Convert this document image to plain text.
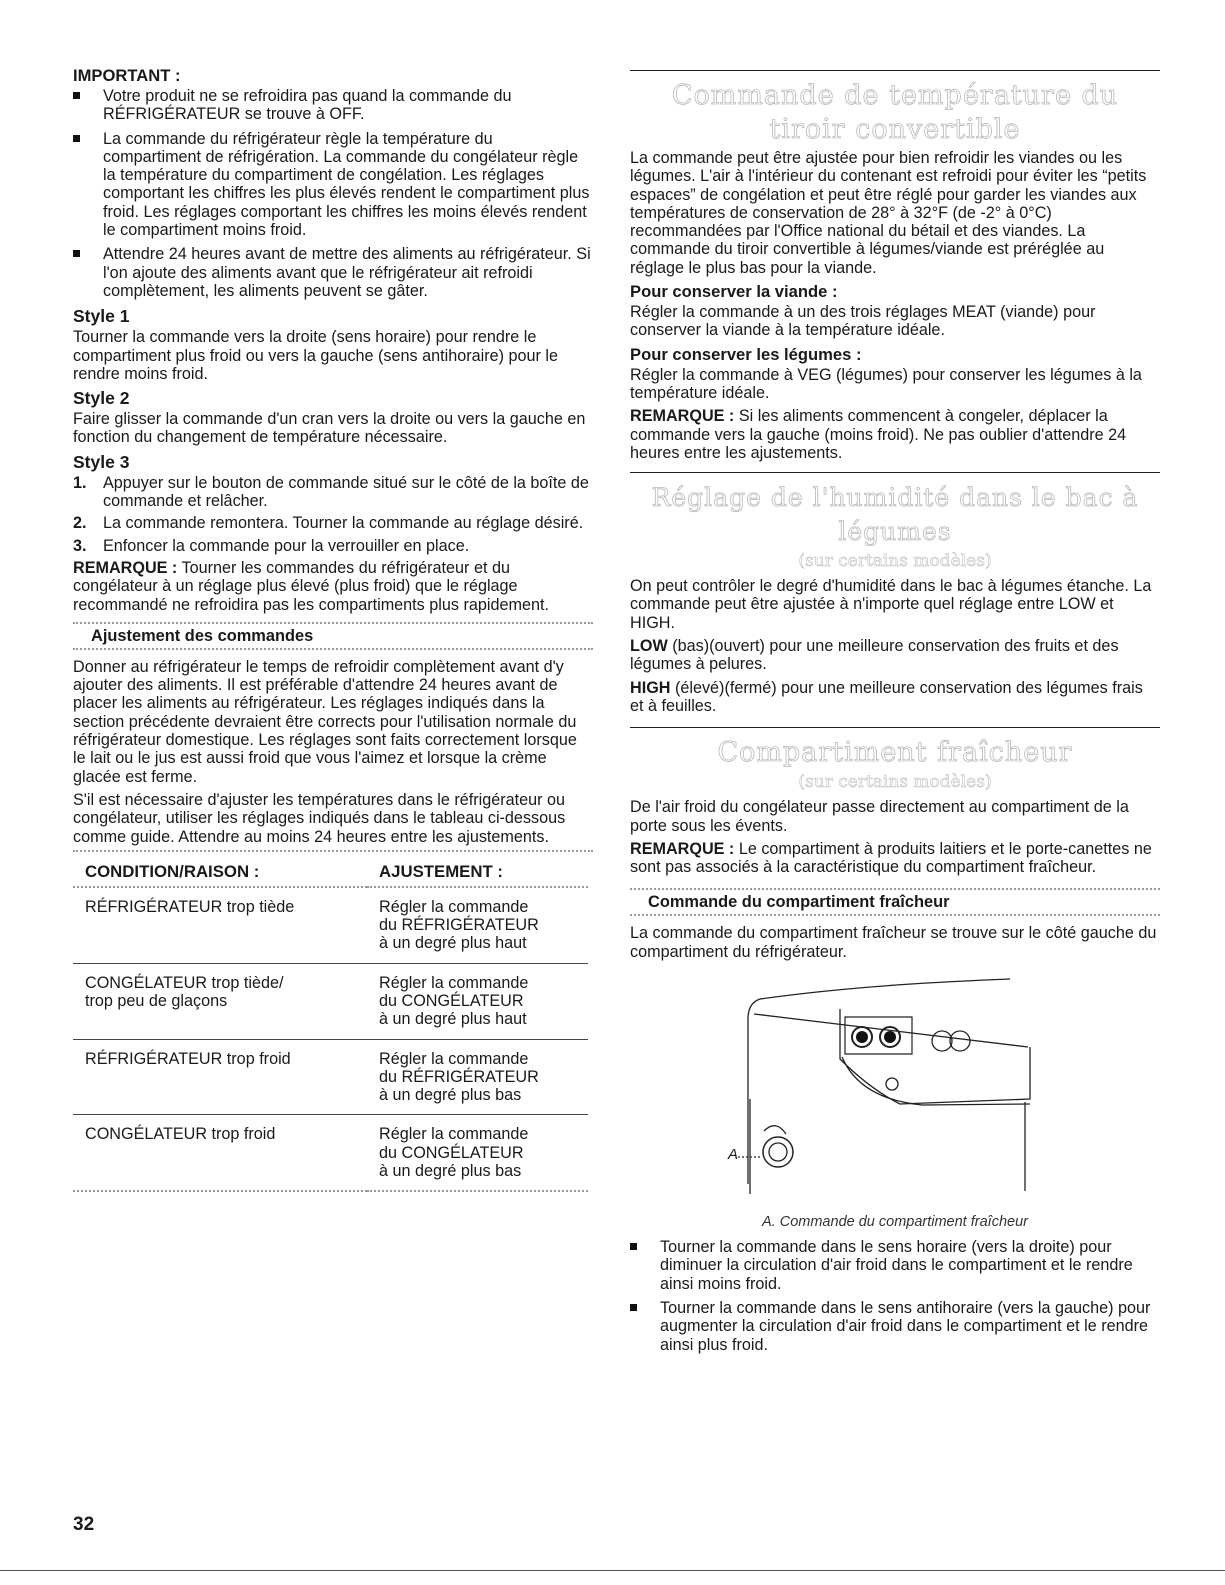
IMPORTANT :
Votre produit ne se refroidira pas quand la commande du RÉFRIGÉRATEUR se trouve à OFF.
La commande du réfrigérateur règle la température du compartiment de réfrigération. La commande du congélateur règle la température du compartiment de congélation. Les réglages comportant les chiffres les plus élevés rendent le compartiment plus froid. Les réglages comportant les chiffres les moins élevés rendent le compartiment moins froid.
Attendre 24 heures avant de mettre des aliments au réfrigérateur. Si l'on ajoute des aliments avant que le réfrigérateur ait refroidi complètement, les aliments peuvent se gâter.
Style 1

Tourner la commande vers la droite (sens horaire) pour rendre le compartiment plus froid ou vers la gauche (sens antihoraire) pour le rendre moins froid.

Style 2

Faire glisser la commande d'un cran vers la droite ou vers la gauche en fonction du changement de température nécessaire.

Style 3
1. Appuyer sur le bouton de commande situé sur le côté de la boîte de commande et relâcher.
2. La commande remontera. Tourner la commande au réglage désiré.
3. Enfoncer la commande pour la verrouiller en place.

REMARQUE : Tourner les commandes du réfrigérateur et du congélateur à un réglage plus élevé (plus froid) que le réglage recommandé ne refroidira pas les compartiments plus rapidement.

Ajustement des commandes

Donner au réfrigérateur le temps de refroidir complètement avant d'y ajouter des aliments. Il est préférable d'attendre 24 heures avant de placer les aliments au réfrigérateur. Les réglages indiqués dans la section précédente devraient être corrects pour l'utilisation normale du réfrigérateur domestique. Les réglages sont faits correctement lorsque le lait ou le jus est aussi froid que vous l'aimez et lorsque la crème glacée est ferme.

S'il est nécessaire d'ajuster les températures dans le réfrigérateur ou congélateur, utiliser les réglages indiqués dans le tableau ci-dessous comme guide. Attendre au moins 24 heures entre les ajustements.

CONDITION/RAISON :	AJUSTEMENT :
RÉFRIGÉRATEUR trop tiède	Régler la commande
du RÉFRIGÉRATEUR
à un degré plus haut
CONGÉLATEUR trop tiède/
trop peu de glaçons	Régler la commande
du CONGÉLATEUR
à un degré plus haut
RÉFRIGÉRATEUR trop froid	Régler la commande
du RÉFRIGÉRATEUR
à un degré plus bas
CONGÉLATEUR trop froid	Régler la commande
du CONGÉLATEUR
à un degré plus bas
Commande de température du tiroir convertible

La commande peut être ajustée pour bien refroidir les viandes ou les légumes. L'air à l'intérieur du contenant est refroidi pour éviter les “petits espaces” de congélation et peut être réglé pour garder les viandes aux températures de conservation de 28° à 32°F (de -2° à 0°C) recommandées par l'Office national du bétail et des viandes. La commande du tiroir convertible à légumes/viande est préréglée au réglage le plus bas pour la viande.

Pour conserver la viande :

Régler la commande à un des trois réglages MEAT (viande) pour conserver la viande à la température idéale.

Pour conserver les légumes :

Régler la commande à VEG (légumes) pour conserver les légumes à la température idéale.

REMARQUE : Si les aliments commencent à congeler, déplacer la commande vers la gauche (moins froid). Ne pas oublier d'attendre 24 heures entre les ajustements.

Réglage de l'humidité dans le bac à légumes
(sur certains modèles)

On peut contrôler le degré d'humidité dans le bac à légumes étanche. La commande peut être ajustée à n'importe quel réglage entre LOW et HIGH.

LOW (bas)(ouvert) pour une meilleure conservation des fruits et des légumes à pelures.

HIGH (élevé)(fermé) pour une meilleure conservation des légumes frais et à feuilles.

Compartiment fraîcheur
(sur certains modèles)

De l'air froid du congélateur passe directement au compartiment de la porte sous les évents.

REMARQUE : Le compartiment à produits laitiers et le porte-canettes ne sont pas associés à la caractéristique du compartiment fraîcheur.

Commande du compartiment fraîcheur

La commande du compartiment fraîcheur se trouve sur le côté gauche du compartiment du réfrigérateur.

A
A. Commande du compartiment fraîcheur
Tourner la commande dans le sens horaire (vers la droite) pour diminuer la circulation d'air froid dans le compartiment et le rendre ainsi moins froid.
Tourner la commande dans le sens antihoraire (vers la gauche) pour augmenter la circulation d'air froid dans le compartiment et le rendre ainsi plus froid.
32
